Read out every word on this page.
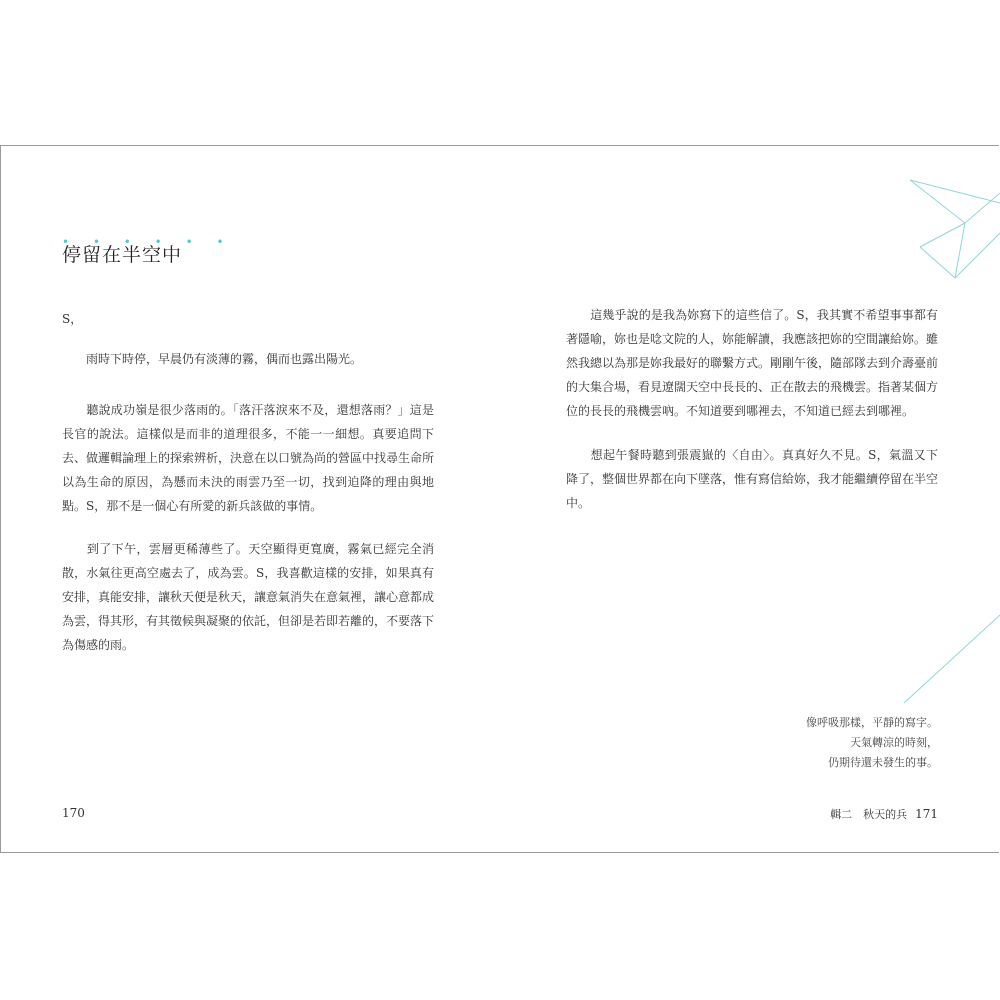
• • • • • •
停留在半空中
S，
　　雨時下時停，早晨仍有淡薄的霧，偶而也露出陽光。
　　聽說成功嶺是很少落雨的。「落汗落淚來不及，還想落雨？」這是長官的說法。這樣似是而非的道理很多，不能一一細想。真要追問下去、做邏輯論理上的探索辨析，決意在以口號為尚的營區中找尋生命所以為生命的原因，為懸而未決的雨雲乃至一切，找到迫降的理由與地點。S，那不是一個心有所愛的新兵該做的事情。
　　到了下午，雲層更稀薄些了。天空顯得更寬廣，霧氣已經完全消散，水氣往更高空處去了，成為雲。S，我喜歡這樣的安排，如果真有安排，真能安排，讓秋天便是秋天，讓意氣消失在意氣裡，讓心意都成為雲，得其形，有其徵候與凝聚的依託，但卻是若即若離的，不要落下為傷感的雨。
　　這幾乎說的是我為妳寫下的這些信了。S，我其實不希望事事都有著隱喻，妳也是唸文院的人，妳能解讀，我應該把妳的空間讓給妳。雖然我總以為那是妳我最好的聯繫方式。剛剛午後，隨部隊去到介壽臺前的大集合場，看見遼闊天空中長長的、正在散去的飛機雲。指著某個方位的長長的飛機雲吶。不知道要到哪裡去，不知道已經去到哪裡。
　　想起午餐時聽到張震嶽的〈自由〉。真真好久不見。S，氣溫又下降了，整個世界都在向下墜落，惟有寫信給妳，我才能繼續停留在半空中。
像呼吸那樣，平靜的寫字。
天氣轉涼的時刻，
仍期待還未發生的事。
170	輯二　秋天的兵 171
